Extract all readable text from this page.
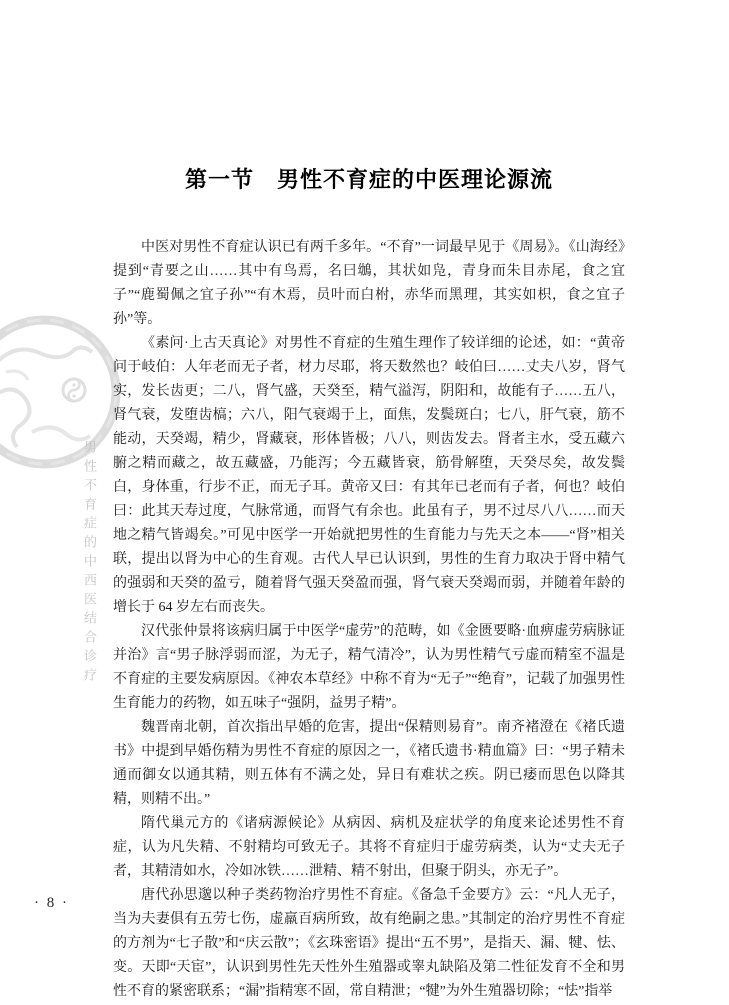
男性不育症的中西医结合诊疗
第一节　男性不育症的中医理论源流

中医对男性不育症认识已有两千多年。“不育”一词最早见于《周易》。《山海经》提到“青要之山……其中有鸟焉，名曰鴢，其状如凫，青身而朱目赤尾，食之宜子”“鹿蜀佩之宜子孙”“有木焉，员叶而白柎，赤华而黑理，其实如枳，食之宜子孙”等。

《素问·上古天真论》对男性不育症的生殖生理作了较详细的论述，如：“黄帝问于岐伯：人年老而无子者，材力尽耶，将天数然也？岐伯曰……丈夫八岁，肾气实，发长齿更；二八，肾气盛，天癸至，精气溢泻，阴阳和，故能有子……五八，肾气衰，发堕齿槁；六八，阳气衰竭于上，面焦，发鬓斑白；七八，肝气衰，筋不能动，天癸竭，精少，肾藏衰，形体皆极；八八，则齿发去。肾者主水，受五藏六腑之精而藏之，故五藏盛，乃能泻；今五藏皆衰，筋骨解堕，天癸尽矣，故发鬓白，身体重，行步不正，而无子耳。黄帝又曰：有其年已老而有子者，何也？岐伯曰：此其天寿过度，气脉常通，而肾气有余也。此虽有子，男不过尽八八……而天地之精气皆竭矣。”可见中医学一开始就把男性的生育能力与先天之本——“肾”相关联，提出以肾为中心的生育观。古代人早已认识到，男性的生育力取决于肾中精气的强弱和天癸的盈亏，随着肾气强天癸盈而强，肾气衰天癸竭而弱，并随着年龄的增长于 64 岁左右而丧失。

汉代张仲景将该病归属于中医学“虚劳”的范畴，如《金匮要略·血痹虚劳病脉证并治》言“男子脉浮弱而涩，为无子，精气清冷”，认为男性精气亏虚而精室不温是不育症的主要发病原因。《神农本草经》中称不育为“无子”“绝育”，记载了加强男性生育能力的药物，如五味子“强阴，益男子精”。

魏晋南北朝，首次指出早婚的危害，提出“保精则易育”。南齐褚澄在《褚氏遗书》中提到早婚伤精为男性不育症的原因之一，《褚氏遗书·精血篇》曰：“男子精未通而御女以通其精，则五体有不满之处，异日有难状之疾。阴已痿而思色以降其精，则精不出。”

隋代巢元方的《诸病源候论》从病因、病机及症状学的角度来论述男性不育症，认为凡失精、不射精均可致无子。其将不育症归于虚劳病类，认为“丈夫无子者，其精清如水，冷如冰铁……泄精、精不射出，但聚于阴头，亦无子”。

唐代孙思邈以种子类药物治疗男性不育症。《备急千金要方》云：“凡人无子，当为夫妻俱有五劳七伤，虚羸百病所致，故有绝嗣之患。”其制定的治疗男性不育症的方剂为“七子散”和“庆云散”；《玄珠密语》提出“五不男”，是指天、漏、犍、怯、变。天即“天宦”，认识到男性先天性外生殖器或睾丸缺陷及第二性征发育不全和男性不育的紧密联系；“漏”指精寒不固，常自精泄；“犍”为外生殖器切除；“怯”指举

· 8 ·
